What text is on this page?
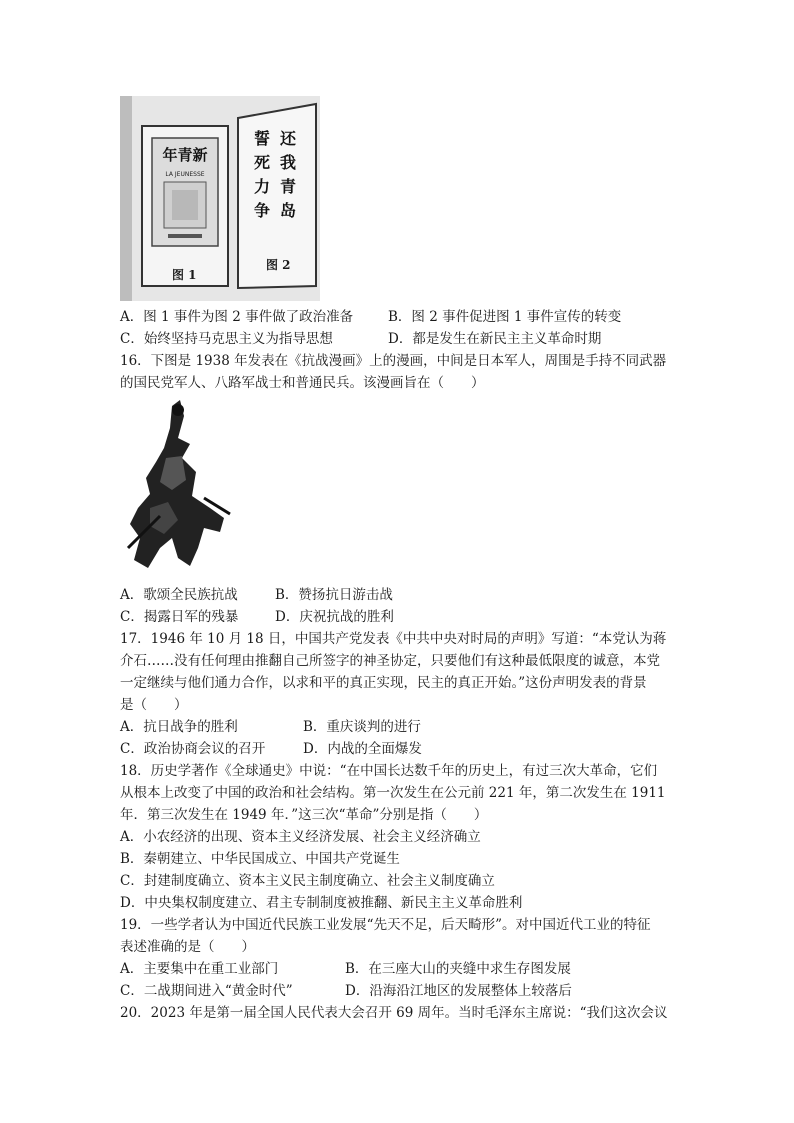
年青新
LA JEUNESSE
誓
死
力
争
还
我
青
岛
图 1
图 2
A．图 1 事件为图 2 事件做了政治准备	B．图 2 事件促进图 1 事件宣传的转变
C．始终坚持马克思主义为指导思想	D．都是发生在新民主主义革命时期
16．下图是 1938 年发表在《抗战漫画》上的漫画，中间是日本军人，周围是手持不同武器
的国民党军人、八路军战士和普通民兵。该漫画旨在（　　）
A．歌颂全民族抗战	B．赞扬抗日游击战
C．揭露日军的残暴	D．庆祝抗战的胜利
17．1946 年 10 月 18 日，中国共产党发表《中共中央对时局的声明》写道：“本党认为蒋
介石……没有任何理由推翻自己所签字的神圣协定，只要他们有这种最低限度的诚意，本党
一定继续与他们通力合作，以求和平的真正实现，民主的真正开始。”这份声明发表的背景
是（　　）
A．抗日战争的胜利	B．重庆谈判的进行
C．政治协商会议的召开	D．内战的全面爆发
18．历史学著作《全球通史》中说：“在中国长达数千年的历史上，有过三次大革命，它们
从根本上改变了中国的政治和社会结构。第一次发生在公元前 221 年，第二次发生在 1911
年．第三次发生在 1949 年．”这三次“革命”分别是指（　　）
A．小农经济的出现、资本主义经济发展、社会主义经济确立
B．秦朝建立、中华民国成立、中国共产党诞生
C．封建制度确立、资本主义民主制度确立、社会主义制度确立
D．中央集权制度建立、君主专制制度被推翻、新民主主义革命胜利
19．一些学者认为中国近代民族工业发展“先天不足，后天畸形”。对中国近代工业的特征
表述准确的是（　　）
A．主要集中在重工业部门	B．在三座大山的夹缝中求生存图发展
C．二战期间进入“黄金时代”	D．沿海沿江地区的发展整体上较落后
20．2023 年是第一届全国人民代表大会召开 69 周年。当时毛泽东主席说：“我们这次会议
